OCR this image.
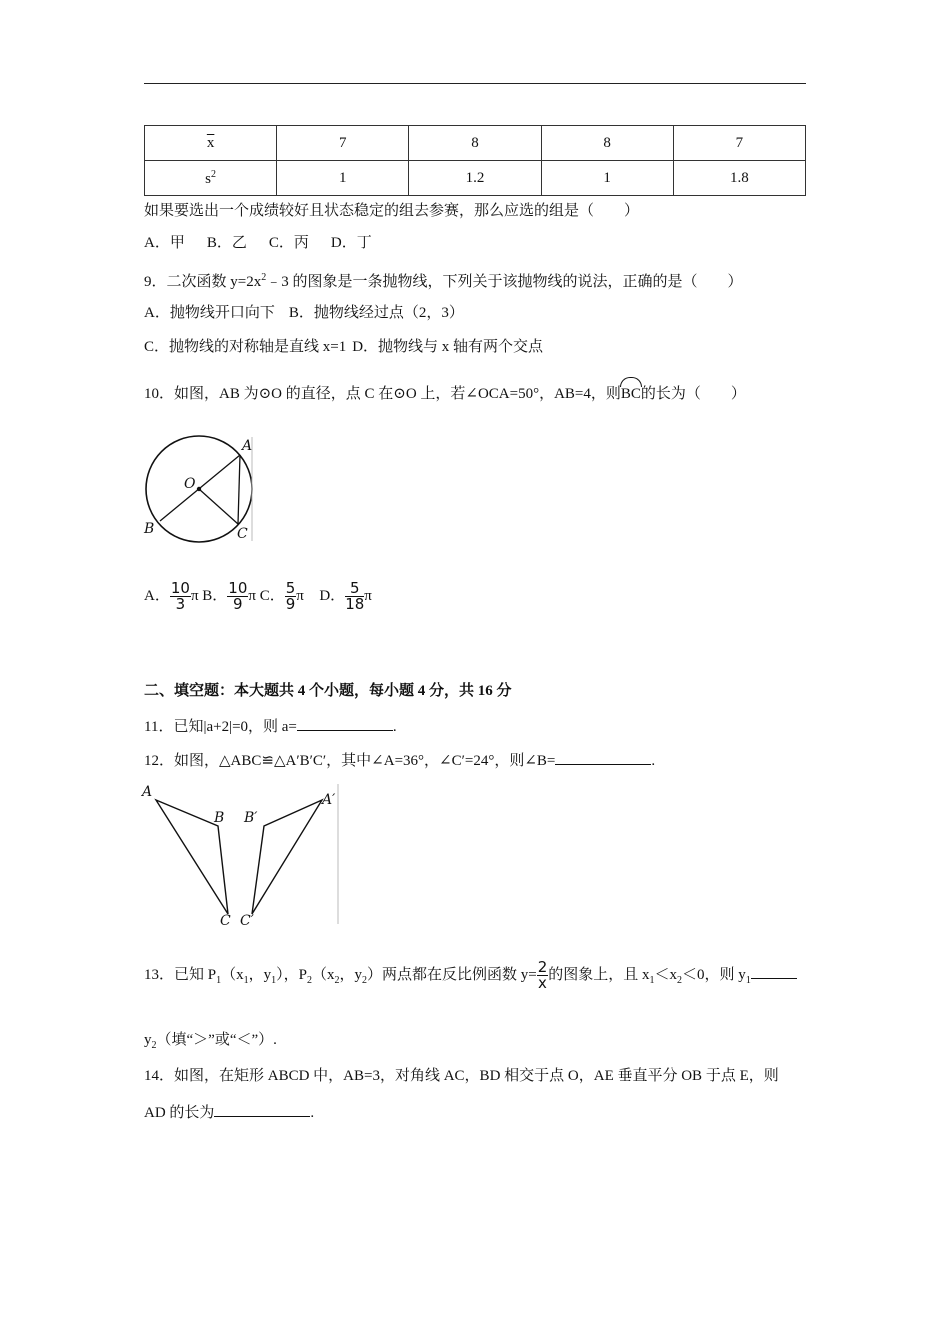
$\overline{x}$	7	8	8	7
$s^2$	1	1.2	1	1.8
如果要选出一个成绩较好且状态稳定的组去参赛，那么应选的组是（　　）
A．甲 B．乙 C．丙 D．丁
9．二次函数 $y=2x^2﹣3$ 的图象是一条抛物线，下列关于该抛物线的说法，正确的是（　　）
A．抛物线开口向下 B．抛物线经过点（2，3）
C．抛物线的对称轴是直线 x=1 D．抛物线与 x 轴有两个交点
10．如图，AB 为⊙O 的直径，点 C 在⊙O 上，若∠OCA=50°，AB=4，则BC的长为（　　）
A
O
B	C
A． $\frac{10}{3}$ π B． $\frac{10}{9}$ π C． $\frac{5}{9}$ π D． $\frac{5}{18}$ π
二、填空题：本大题共 4 个小题，每小题 4 分，共 16 分
11．已知|a+2|=0，则 a=	.
12．如图，△ABC≌△A′B′C′，其中∠A=36°，∠C′=24°，则∠B=	.
A
B
C
A′
B′
C′
13．已知 $P_1(x_1$，$y_1$），$P_2(x_2$，$y_2$）两点都在反比例函数 $y= \frac{2}{x}$ 的图象上，且 $x_1<x_2<0$，则 $y_1$
$y_2$（填“＞”或“＜”）.
14．如图，在矩形 ABCD 中，AB=3，对角线 AC，BD 相交于点 O，AE 垂直平分 OB 于点 E，则
AD 的长为	.
